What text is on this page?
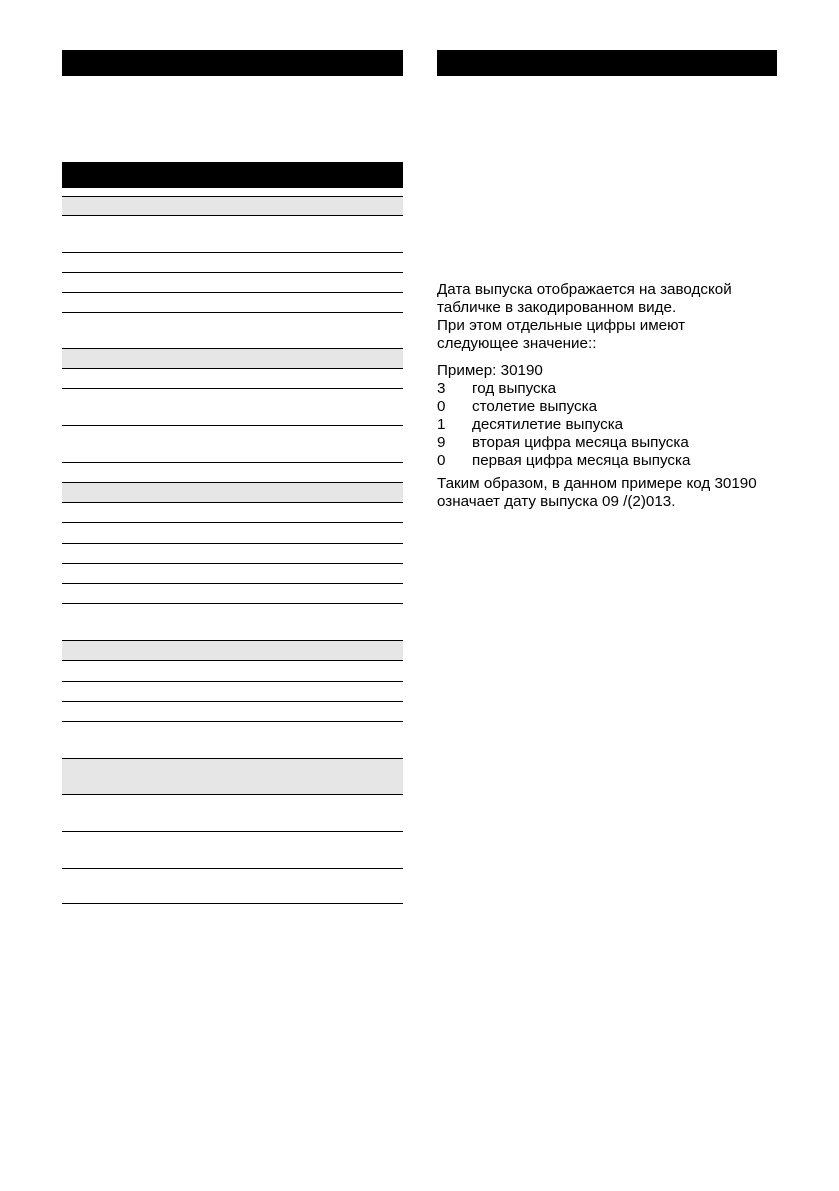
Дата выпуска отображается на заводской

табличке в закодированном виде.

При этом отдельные цифры имеют

следующее значение::

Пример: 30190

3	год выпуска
0	столетие выпуска
1	десятилетие выпуска
9	вторая цифра месяца выпуска
0	первая цифра месяца выпуска

Таким образом, в данном примере код 30190

означает дату выпуска 09 /(2)013.
